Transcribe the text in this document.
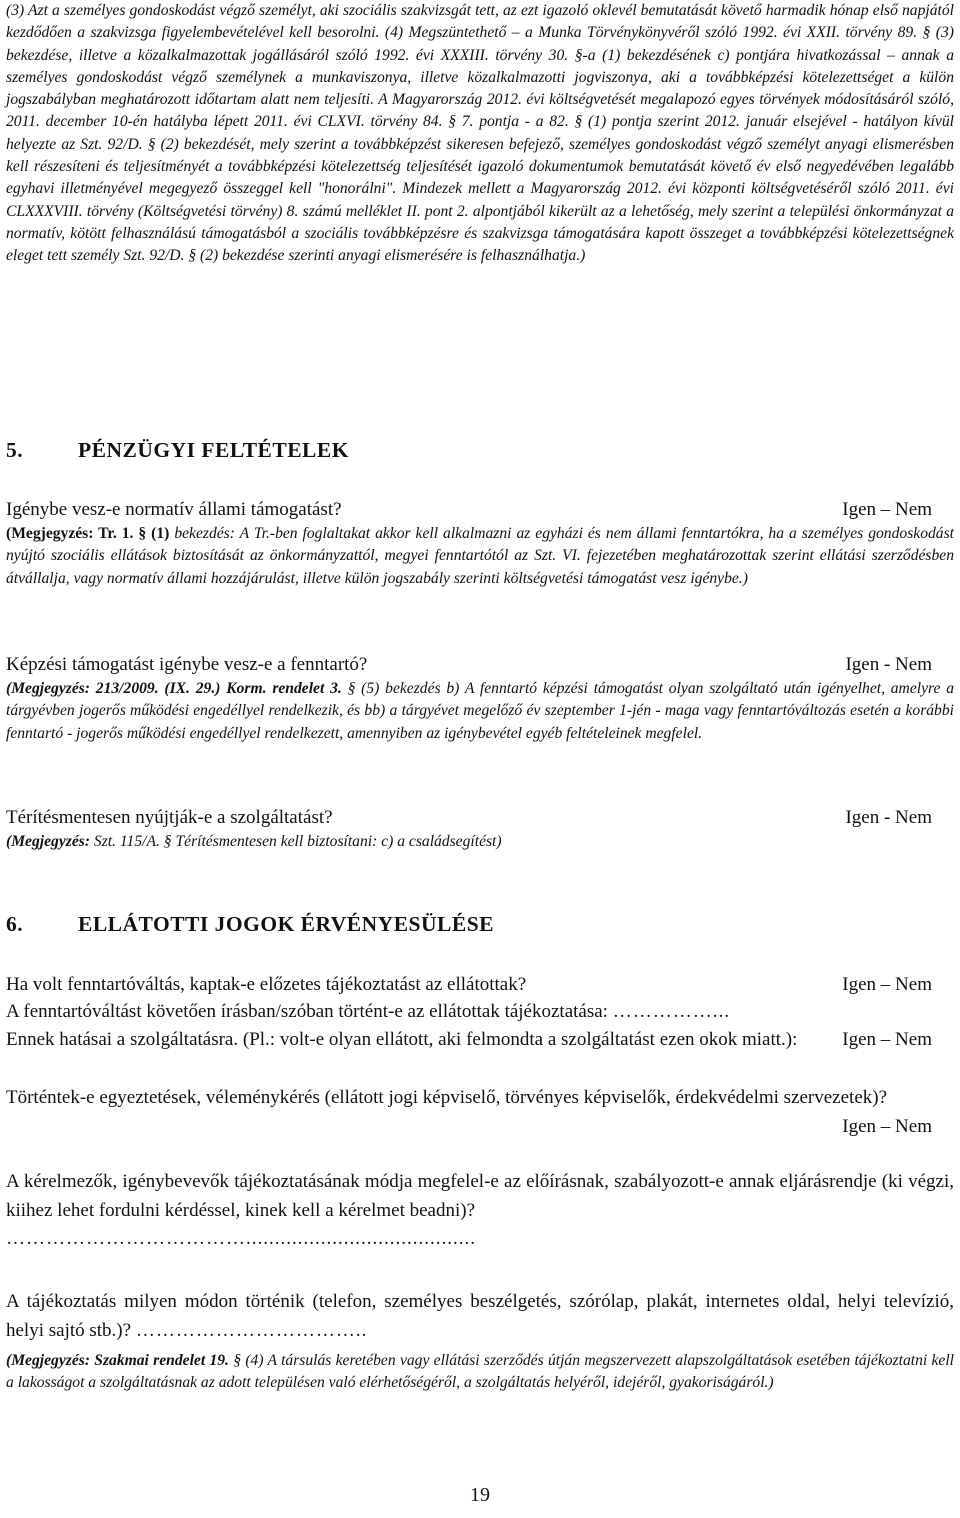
(3) Azt a személyes gondoskodást végző személyt, aki szociális szakvizsgát tett, az ezt igazoló oklevél bemutatását követő harmadik hónap első napjától kezdődően a szakvizsga figyelembevételével kell besorolni. (4) Megszüntethető – a Munka Törvénykönyvéről szóló 1992. évi XXII. törvény 89. § (3) bekezdése, illetve a közalkalmazottak jogállásáról szóló 1992. évi XXXIII. törvény 30. §-a (1) bekezdésének c) pontjára hivatkozással – annak a személyes gondoskodást végző személynek a munkaviszonya, illetve közalkalmazotti jogviszonya, aki a továbbképzési kötelezettséget a külön jogszabályban meghatározott időtartam alatt nem teljesíti. A Magyarország 2012. évi költségvetését megalapozó egyes törvények módosításáról szóló, 2011. december 10-én hatályba lépett 2011. évi CLXVI. törvény 84. § 7. pontja - a 82. § (1) pontja szerint 2012. január elsejével - hatályon kívül helyezte az Szt. 92/D. § (2) bekezdését, mely szerint a továbbképzést sikeresen befejező, személyes gondoskodást végző személyt anyagi elismerésben kell részesíteni és teljesítményét a továbbképzési kötelezettség teljesítését igazoló dokumentumok bemutatását követő év első negyedévében legalább egyhavi illetményével megegyező összeggel kell "honorálni". Mindezek mellett a Magyarország 2012. évi központi költségvetéséről szóló 2011. évi CLXXXVIII. törvény (Költségvetési törvény) 8. számú melléklet II. pont 2. alpontjából kikerült az a lehetőség, mely szerint a települési önkormányzat a normatív, kötött felhasználású támogatásból a szociális továbbképzésre és szakvizsga támogatására kapott összeget a továbbképzési kötelezettségnek eleget tett személy Szt. 92/D. § (2) bekezdése szerinti anyagi elismerésére is felhasználhatja.)

5.	PÉNZÜGYI FELTÉTELEK
Igénybe vesz-e normatív állami támogatást?	Igen – Nem

(Megjegyzés: Tr. 1. § (1) bekezdés: A Tr.-ben foglaltakat akkor kell alkalmazni az egyházi és nem állami fenntartókra, ha a személyes gondoskodást nyújtó szociális ellátások biztosítását az önkormányzattól, megyei fenntartótól az Szt. VI. fejezetében meghatározottak szerint ellátási szerződésben átvállalja, vagy normatív állami hozzájárulást, illetve külön jogszabály szerinti költségvetési támogatást vesz igénybe.)

Képzési támogatást igénybe vesz-e a fenntartó?	Igen - Nem

(Megjegyzés: 213/2009. (IX. 29.) Korm. rendelet 3. § (5) bekezdés b) A fenntartó képzési támogatást olyan szolgáltató után igényelhet, amelyre a tárgyévben jogerős működési engedéllyel rendelkezik, és bb) a tárgyévet megelőző év szeptember 1-jén - maga vagy fenntartóváltozás esetén a korábbi fenntartó - jogerős működési engedéllyel rendelkezett, amennyiben az igénybevétel egyéb feltételeinek megfelel.

Térítésmentesen nyújtják-e a szolgáltatást?	Igen - Nem

(Megjegyzés: Szt. 115/A. § Térítésmentesen kell biztosítani: c) a családsegítést)

6.	ELLÁTOTTI JOGOK ÉRVÉNYESÜLÉSE
Ha volt fenntartóváltás, kaptak-e előzetes tájékoztatást az ellátottak?	Igen – Nem
A fenntartóváltást követően írásban/szóban történt-e az ellátottak tájékoztatása: ……………...
Ennek hatásai a szolgáltatásra. (Pl.: volt-e olyan ellátott, aki felmondta a szolgáltatást ezen okok miatt.): Igen – Nem
Történtek-e egyeztetések, véleménykérés (ellátott jogi képviselő, törvényes képviselők, érdekvédelmi szervezetek)?
Igen – Nem
A kérelmezők, igénybevevők tájékoztatásának módja megfelel-e az előírásnak, szabályozott-e annak eljárásrendje (ki végzi, kiihez lehet fordulni kérdéssel, kinek kell a kérelmet beadni)?
………………………………........................................
A tájékoztatás milyen módon történik (telefon, személyes beszélgetés, szórólap, plakát, internetes oldal, helyi televízió, helyi sajtó stb.)? ……………………………..

(Megjegyzés: Szakmai rendelet 19. § (4) A társulás keretében vagy ellátási szerződés útján megszervezett alapszolgáltatások esetében tájékoztatni kell a lakosságot a szolgáltatásnak az adott településen való elérhetőségéről, a szolgáltatás helyéről, idejéről, gyakoriságáról.)

19
